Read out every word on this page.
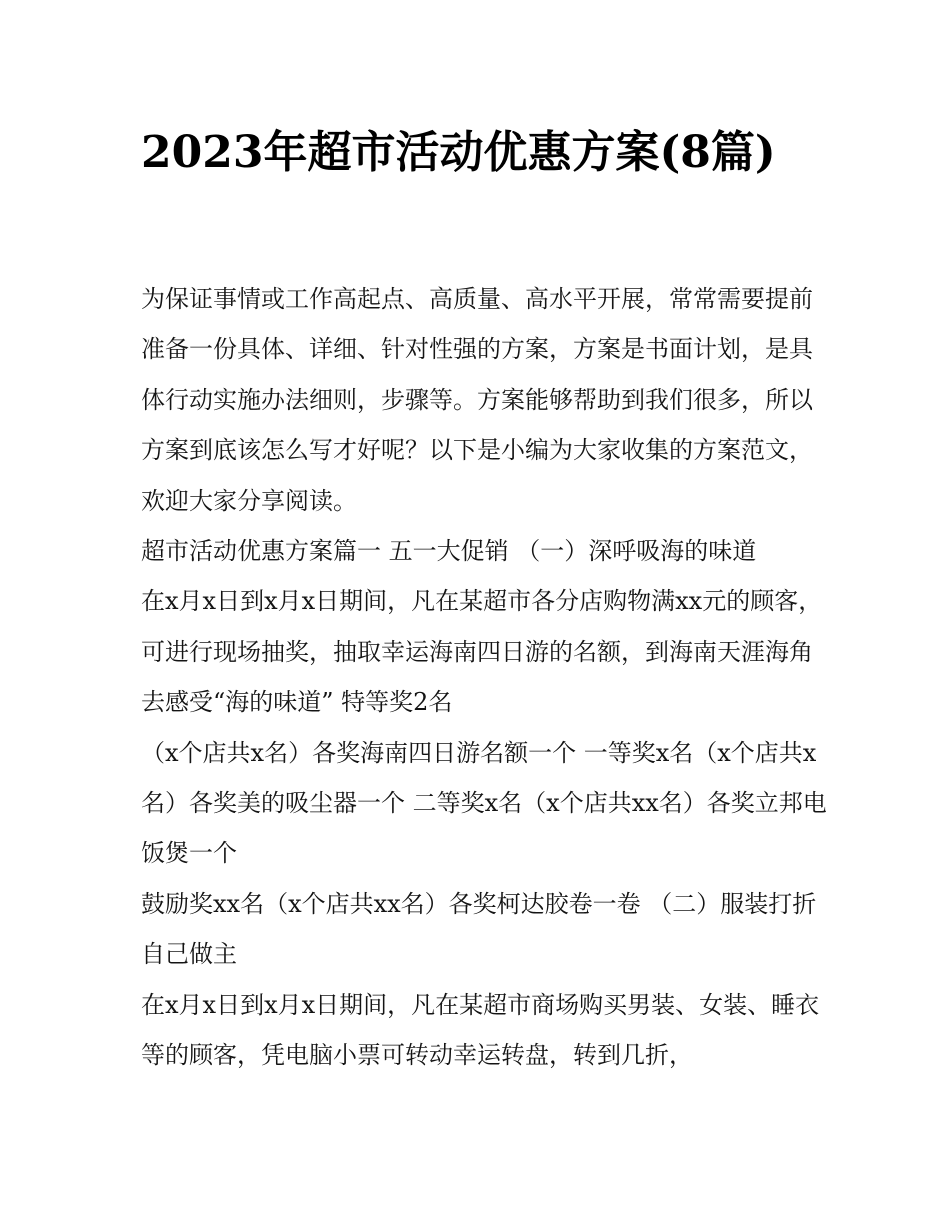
2023年超市活动优惠方案(8篇)

为保证事情或工作高起点、高质量、高水平开展，常常需要提前准备一份具体、详细、针对性强的方案，方案是书面计划，是具体行动实施办法细则，步骤等。方案能够帮助到我们很多，所以方案到底该怎么写才好呢？以下是小编为大家收集的方案范文，欢迎大家分享阅读。

超市活动优惠方案篇一 五一大促销 （一）深呼吸海的味道

在x月x日到x月x日期间，凡在某超市各分店购物满xx元的顾客，可进行现场抽奖，抽取幸运海南四日游的名额，到海南天涯海角去感受“海的味道” 特等奖2名

（x个店共x名）各奖海南四日游名额一个 一等奖x名（x个店共x名）各奖美的吸尘器一个 二等奖x名（x个店共xx名）各奖立邦电饭煲一个

鼓励奖xx名（x个店共xx名）各奖柯达胶卷一卷 （二）服装打折自己做主

在x月x日到x月x日期间，凡在某超市商场购买男装、女装、睡衣等的顾客，凭电脑小票可转动幸运转盘，转到几折，
